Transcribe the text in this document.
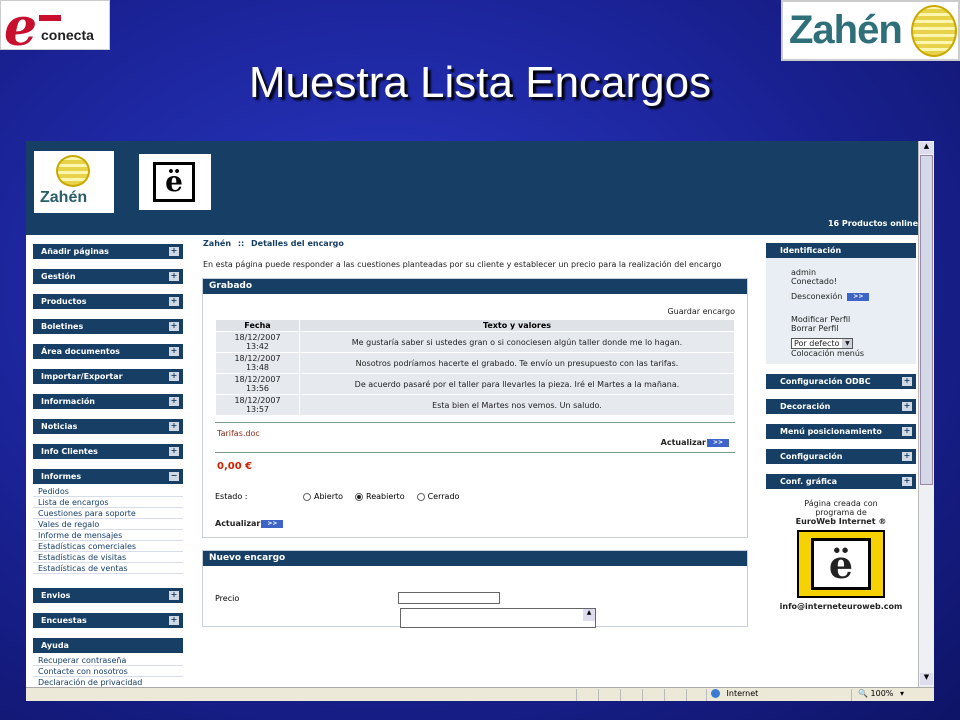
e conecta	Zahén
Muestra Lista Encargos
Zahén	ë
16 Productos online
▲
▼
Añadir páginas	+
Gestión	+
Productos	+
Boletines	+
Área documentos	+
Importar/Exportar	+
Información	+
Noticias	+
Info Clientes	+
Informes	−
Pedidos
Lista de encargos
Cuestiones para soporte
Vales de regalo
Informe de mensajes
Estadísticas comerciales
Estadísticas de visitas
Estadísticas de ventas
Envios	+
Encuestas	+
Ayuda
Recuperar contraseña
Contacte con nosotros
Declaración de privacidad
Zahén :: Detalles del encargo
En esta página puede responder a las cuestiones planteadas por su cliente y establecer un precio para la realización del encargo
Grabado
Guardar encargo
Fecha	Texto y valores
18/12/2007
13:42	Me gustaría saber si ustedes gran o si conociesen algún taller donde me lo hagan.
18/12/2007
13:48	Nosotros podríamos hacerte el grabado. Te envío un presupuesto con las tarifas.
18/12/2007
13:56	De acuerdo pasaré por el taller para llevarles la pieza. Iré el Martes a la mañana.
18/12/2007
13:57	Esta bien el Martes nos vemos. Un saludo.
Tarifas.doc
Actualizar	>>
0,00 €
Estado :	Abierto	Reabierto	Cerrado
Actualizar	>>
Nuevo encargo
Precio
▲
Identificación
admin
Conectado!
Desconexión	>>
Modificar Perfil
Borrar Perfil
Por defecto ▼
Colocación menús
Configuración ODBC	+
Decoración	+
Menú posicionamiento	+
Configuración	+
Conf. gráfica	+
Página creada con
programa de
EuroWeb Internet ®
ë
info@interneteuroweb.com
Internet	🔍 100% ▾
